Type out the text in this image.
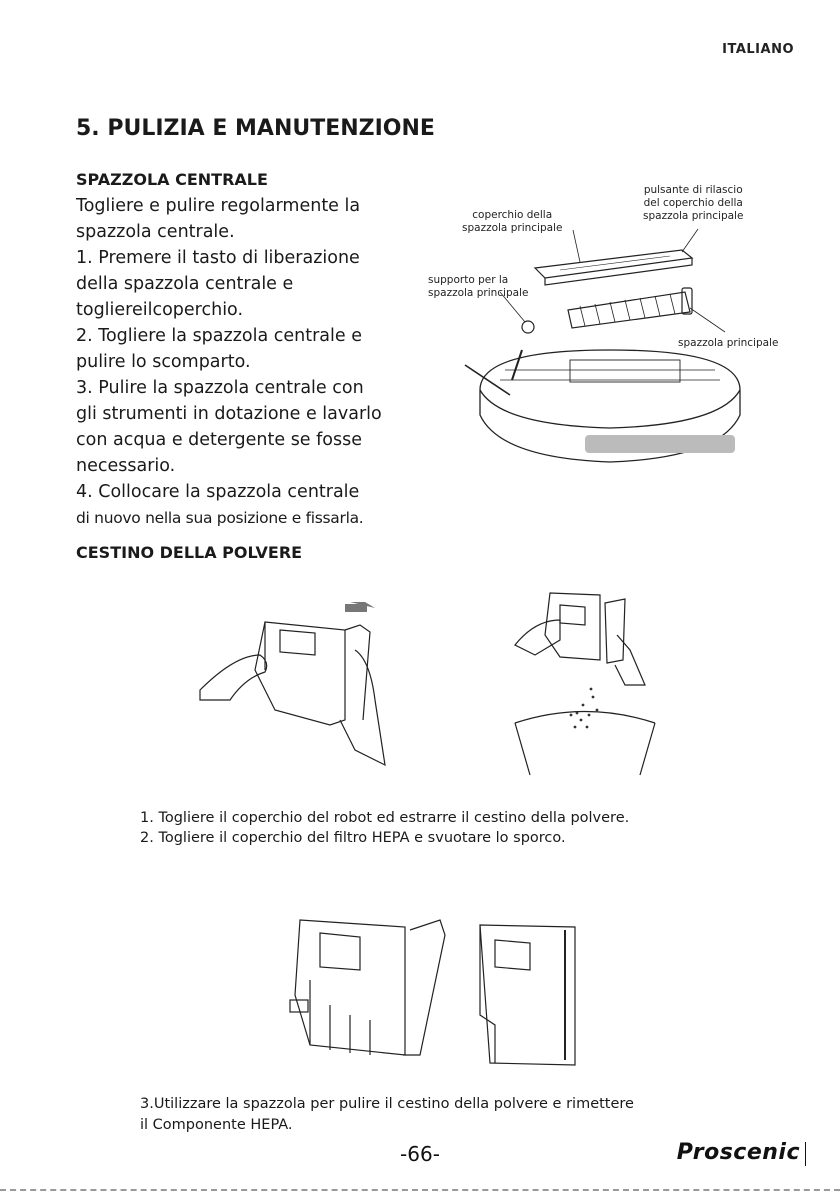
ITALIANO
5. PULIZIA E MANUTENZIONE
SPAZZOLA CENTRALE
Togliere e pulire regolarmente la
spazzola centrale.
1. Premere il tasto di liberazione
della spazzola centrale e
togliereilcoperchio.
2. Togliere la spazzola centrale e
pulire lo scomparto.
3. Pulire la spazzola centrale con
gli strumenti in dotazione e lavarlo
con acqua e detergente se fosse
necessario.
4. Collocare la spazzola centrale
di nuovo nella sua posizione e fissarla.
pulsante di rilascio
del coperchio della
spazzola principale
coperchio della
spazzola principale
supporto per la
spazzola principale
spazzola principale
CESTINO DELLA POLVERE
1. Togliere il coperchio del robot ed estrarre il cestino della polvere.
2. Togliere il coperchio del filtro HEPA e svuotare lo sporco.
3.Utilizzare la spazzola per pulire il cestino della polvere e rimettere
il Componente HEPA.
-66-	Proscenic
